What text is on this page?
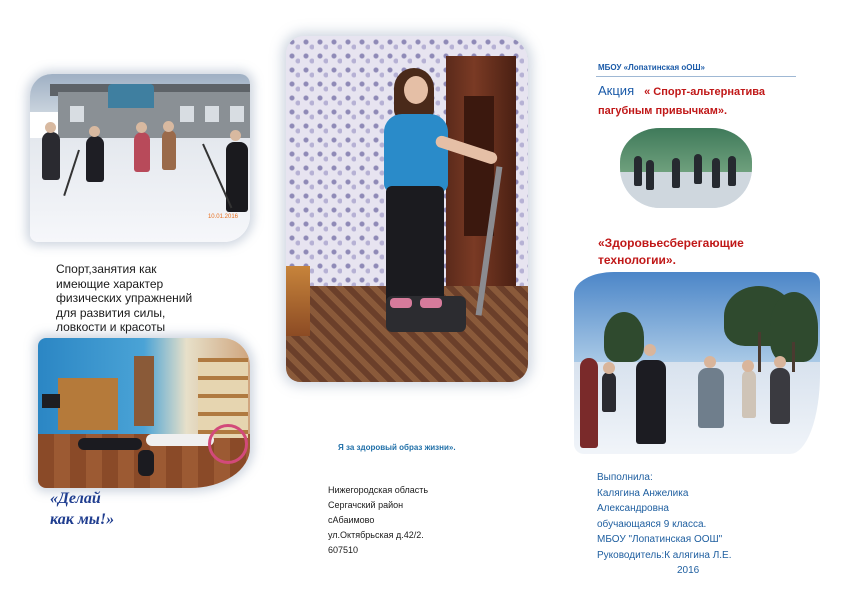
10.01.2016
Спорт,занятия как имеющие характер физических упражнений для развития силы, ловкости и красоты
«Делай
как мы!»
Я за здоровый образ жизни».
Нижегородская область
Сергачский район
сАбаимово
ул.Октябрьская д.42/2.
607510
МБОУ «Лопатинская оОШ»
Акция « Спорт-альтернатива
пагубным привычкам».
«Здоровьесберегающие
технологии».
Выполнила:
Калягина Анжелика
Александровна
обучающаяся 9 класса.
МБОУ "Лопатинская ООШ"
Руководитель:К алягина Л.Е.
2016
